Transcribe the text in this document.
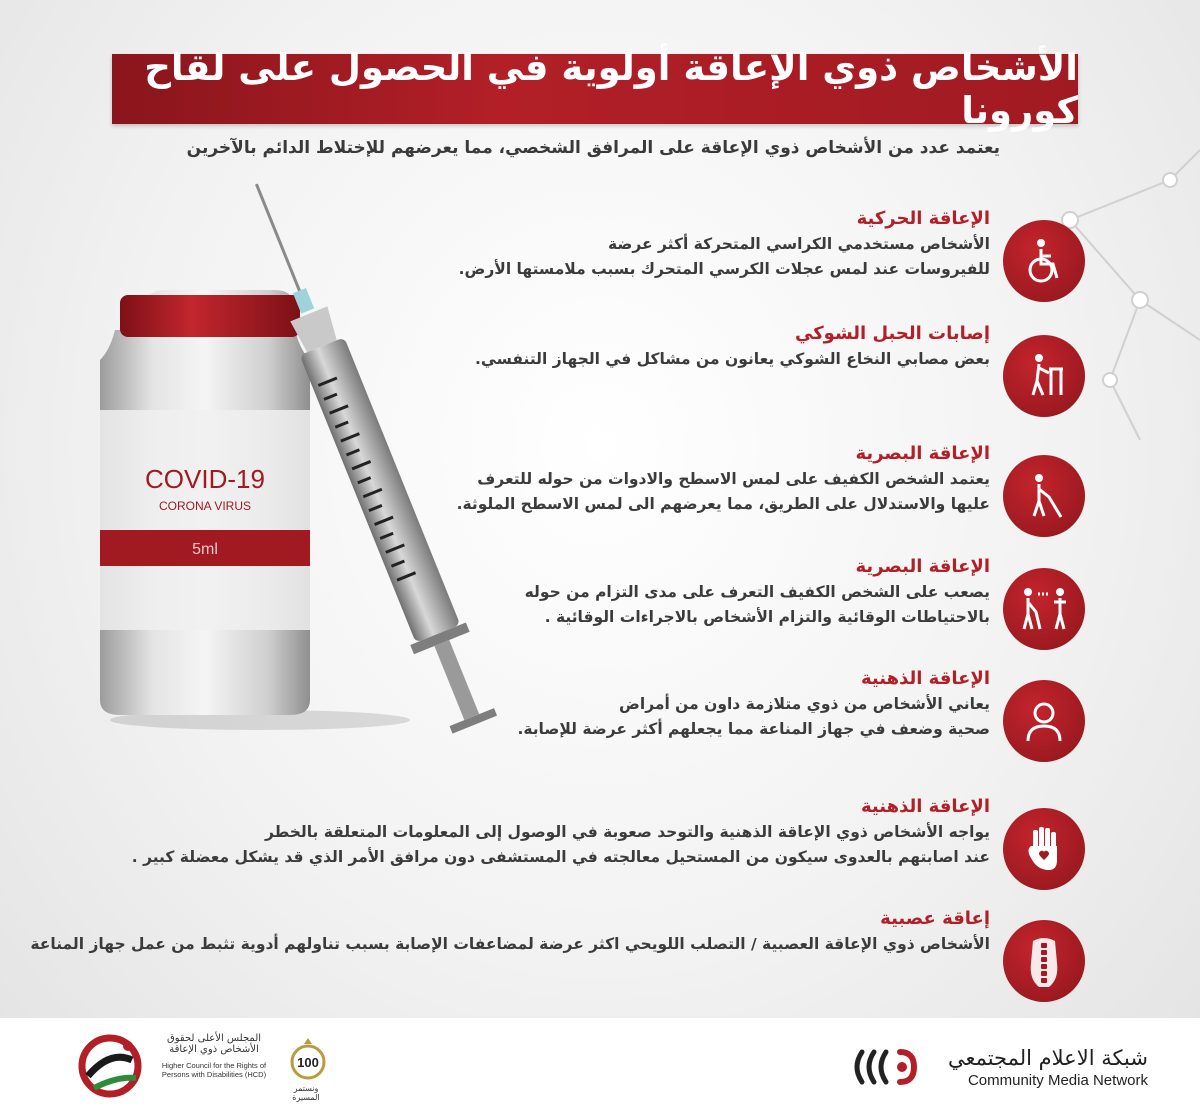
الأشخاص ذوي الإعاقة أولوية في الحصول على لقاح كورونا
يعتمد عدد من الأشخاص ذوي الإعاقة على المرافق الشخصي، مما يعرضهم للإختلاط الدائم بالآخرين
COVID-19
CORONA VIRUS
5ml
الإعاقة الحركية
الأشخاص مستخدمي الكراسي المتحركة أكثر عرضة
للفيروسات عند لمس عجلات الكرسي المتحرك بسبب ملامستها الأرض.
إصابات الحبل الشوكي
بعض مصابي النخاع الشوكي يعانون من مشاكل في الجهاز التنفسي.
الإعاقة البصرية
يعتمد الشخص الكفيف على لمس الاسطح والادوات من حوله للتعرف
عليها والاستدلال على الطريق، مما يعرضهم الى لمس الاسطح الملوثة.
الإعاقة البصرية
يصعب على الشخص الكفيف التعرف على مدى التزام من حوله
بالاحتياطات الوقائية والتزام الأشخاص بالاجراءات الوقائية .
الإعاقة الذهنية
يعاني الأشخاص من ذوي متلازمة داون من أمراض
صحية وضعف في جهاز المناعة مما يجعلهم أكثر عرضة للإصابة.
الإعاقة الذهنية
يواجه الأشخاص ذوي الإعاقة الذهنية والتوحد صعوبة في الوصول إلى المعلومات المتعلقة بالخطر
عند اصابتهم بالعدوى سيكون من المستحيل معالجته في المستشفى دون مرافق الأمر الذي قد يشكل معضلة كبير .
إعاقة عصبية
الأشخاص ذوي الإعاقة العصبية / التصلب اللويحي اكثر عرضة لمضاعفات الإصابة بسبب تناولهم أدوية تثبط من عمل جهاز المناعة
شبكة الاعلام المجتمعي
Community Media Network
المجلس الأعلى لحقوق الأشخاص ذوي الإعاقة
Higher Council for the Rights of Persons with Disabilities (HCD)
100
ونستمر المسيرة
